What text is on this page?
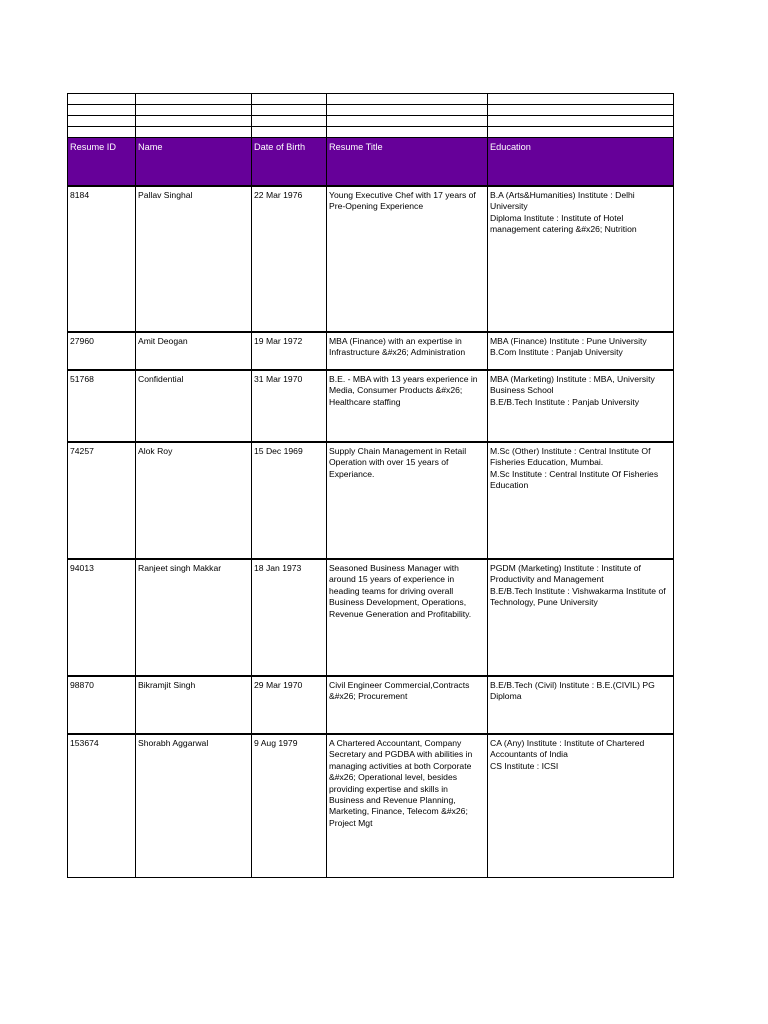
Resume ID	Name	Date of Birth	Resume Title	Education
8184	Pallav Singhal	22 Mar 1976	Young Executive Chef with 17 years of Pre-Opening Experience	B.A (Arts&Humanities) Institute : Delhi University
Diploma Institute : Institute of Hotel management catering &#x26; Nutrition

27960	Amit Deogan	19 Mar 1972	MBA (Finance) with an expertise in Infrastructure &#x26; Administration	MBA (Finance) Institute : Pune University
B.Com Institute : Panjab University

51768	Confidential	31 Mar 1970	B.E. - MBA with 13 years experience in Media, Consumer Products &#x26; Healthcare staffing	MBA (Marketing) Institute : MBA, University Business School
B.E/B.Tech Institute : Panjab University

74257	Alok Roy	15 Dec 1969	Supply Chain Management in Retail Operation with over 15 years of Experiance.	M.Sc (Other) Institute : Central Institute Of Fisheries Education, Mumbai.
M.Sc Institute : Central Institute Of Fisheries Education

94013	Ranjeet singh Makkar	18 Jan 1973	Seasoned Business Manager with around 15 years of experience in heading teams for driving overall Business Development, Operations, Revenue Generation and Profitability.	PGDM (Marketing) Institute : Institute of Productivity and Management
B.E/B.Tech Institute : Vishwakarma Institute of Technology, Pune University

98870	Bikramjit Singh	29 Mar 1970	Civil Engineer Commercial,Contracts &#x26; Procurement	B.E/B.Tech (Civil) Institute : B.E.(CIVIL) PG Diploma

153674	Shorabh Aggarwal	9 Aug 1979	A Chartered Accountant, Company Secretary and PGDBA with abilities in managing activities at both Corporate &#x26; Operational level, besides providing expertise and skills in Business and Revenue Planning, Marketing, Finance, Telecom &#x26; Project Mgt	CA (Any) Institute : Institute of Chartered Accountants of India
CS Institute : ICSI
